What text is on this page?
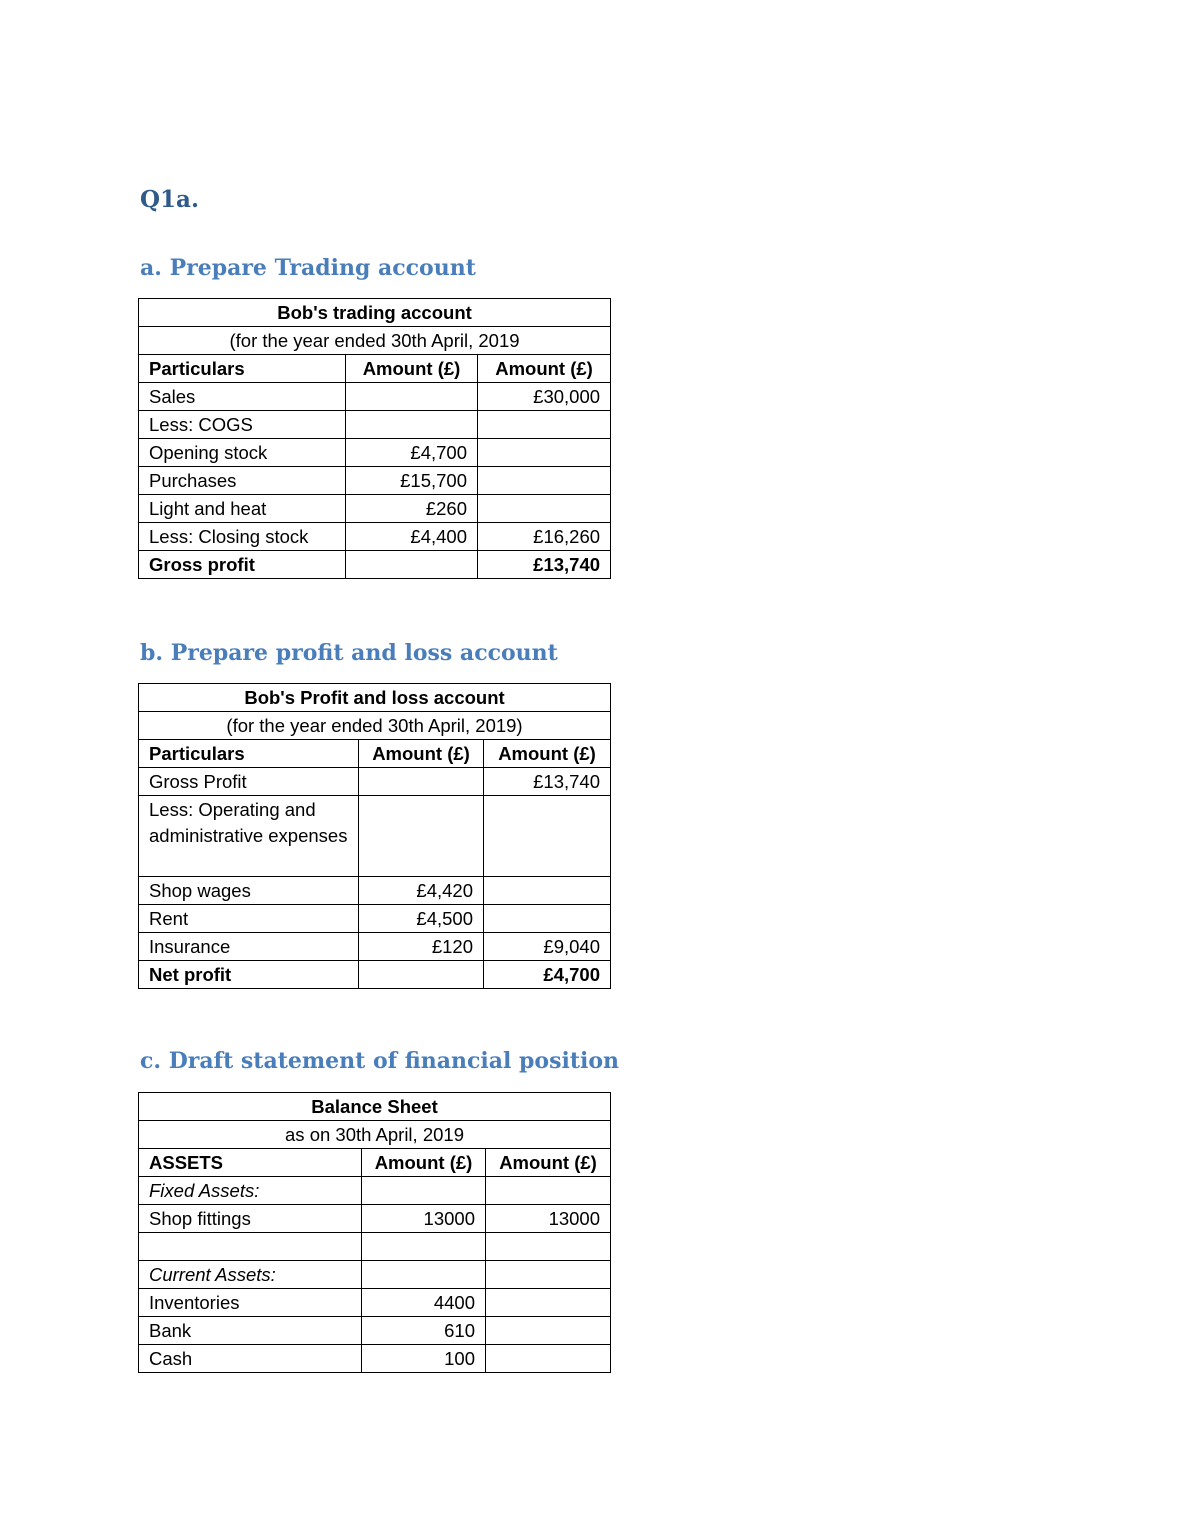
Q1a.
a. Prepare Trading account
Bob's trading account		
(for the year ended 30th April, 2019		
Particulars	Amount (£)	Amount (£)
Sales		£30,000
Less: COGS		
Opening stock	£4,700	
Purchases	£15,700	
Light and heat	£260	
Less: Closing stock	£4,400	£16,260
Gross profit		£13,740
b. Prepare profit and loss account
Bob's Profit and loss account		
(for the year ended 30th April, 2019)		
Particulars	Amount (£)	Amount (£)
Gross Profit		£13,740
Less: Operating and administrative expenses		
Shop wages	£4,420	
Rent	£4,500	
Insurance	£120	£9,040
Net profit		£4,700
c. Draft statement of financial position
Balance Sheet		
as on 30th April, 2019		
ASSETS	Amount (£)	Amount (£)
Fixed Assets:		
Shop fittings	13000	13000

Current Assets:		
Inventories	4400	
Bank	610	
Cash	100	
